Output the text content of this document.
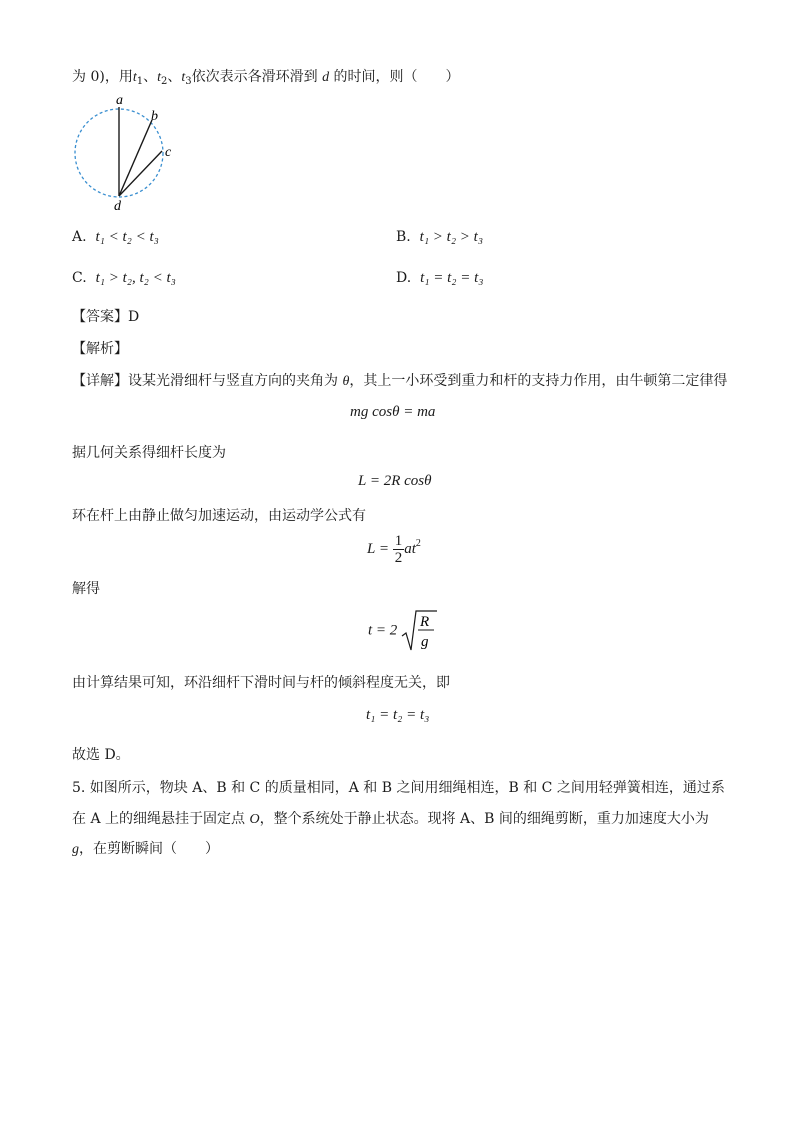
为 0)，用$t_1$、$t_2$、$t_3$依次表示各滑环滑到 d 的时间，则（　　）
a
b
c
d
A. t₁ < t₂ < t₃	B. t₁ > t₂ > t₃
C. t₁ > t₂, t₂ < t₃	D. t₁ = t₂ = t₃
【答案】D
【解析】
【详解】设某光滑细杆与竖直方向的夹角为 θ，其上一小环受到重力和杆的支持力作用，由牛顿第二定律得
mg cosθ = ma
据几何关系得细杆长度为
L = 2R cosθ
环在杆上由静止做匀加速运动，由运动学公式有
$L = \frac{1}{2} at^2$
解得
t = 2
R
g
由计算结果可知，环沿细杆下滑时间与杆的倾斜程度无关，即
t₁ = t₂ = t₃
故选 D。
5. 如图所示，物块 A、B 和 C 的质量相同，A 和 B 之间用细绳相连，B 和 C 之间用轻弹簧相连，通过系
在 A 上的细绳悬挂于固定点 O，整个系统处于静止状态。现将 A、B 间的细绳剪断，重力加速度大小为
g，在剪断瞬间（　　）
